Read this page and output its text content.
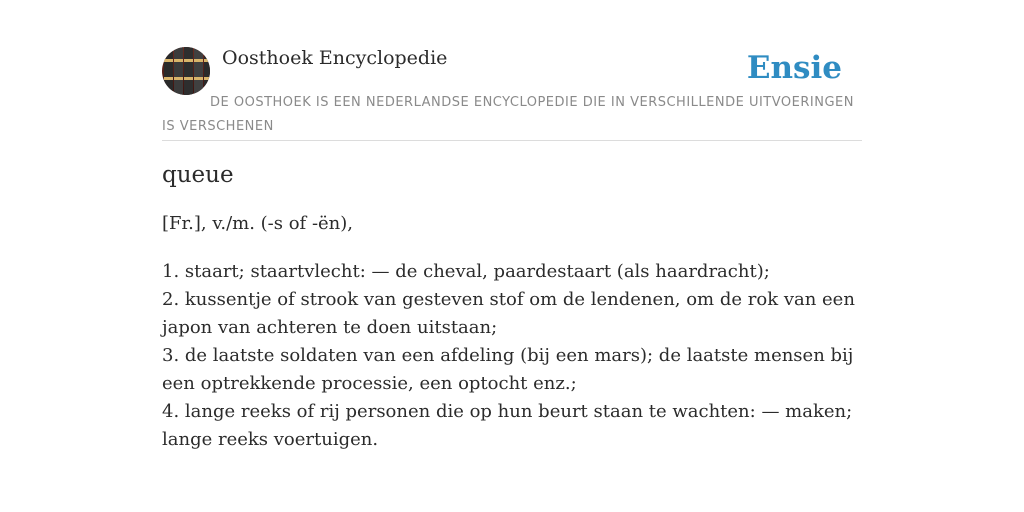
Oosthoek Encyclopedie	Ensie
DE OOSTHOEK IS EEN NEDERLANDSE ENCYCLOPEDIE DIE IN VERSCHILLENDE UITVOERINGEN IS VERSCHENEN
queue

[Fr.], v./m. (-s of -ën),

1. staart; staartvlecht: — de cheval, paardestaart (als haardracht);
2. kussentje of strook van gesteven stof om de lendenen, om de rok van een japon van achteren te doen uitstaan;
3. de laatste soldaten van een afdeling (bij een mars); de laatste mensen bij een optrekkende processie, een optocht enz.;
4. lange reeks of rij personen die op hun beurt staan te wachten: — maken; lange reeks voertuigen.
